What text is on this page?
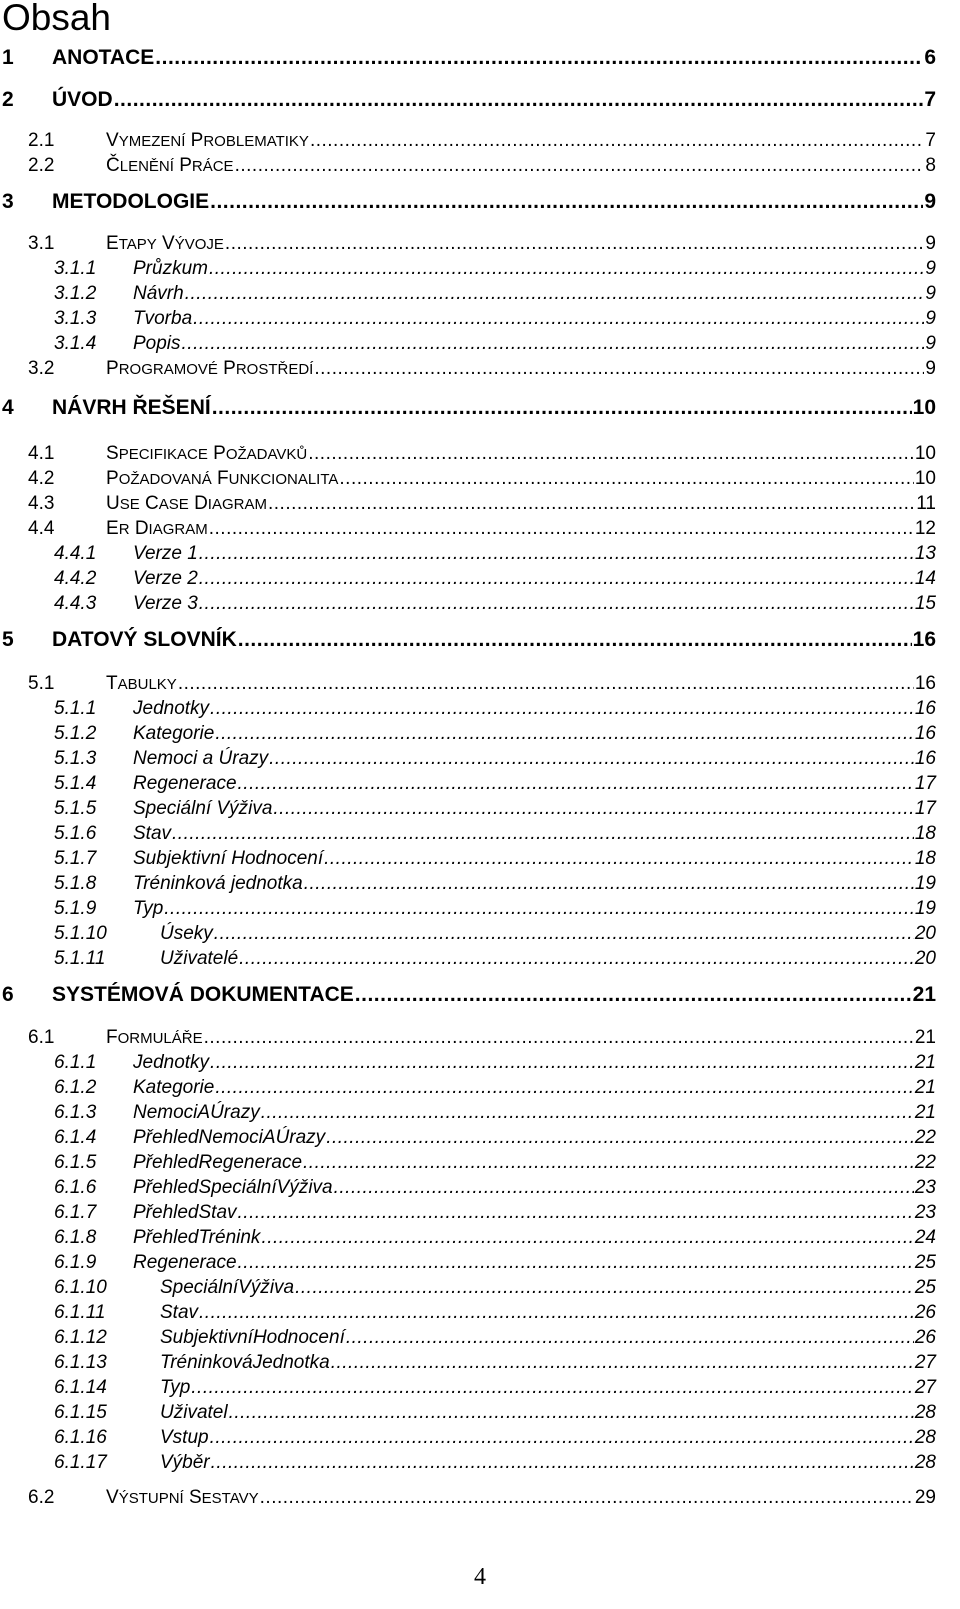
Obsah
1	ANOTACE .....	6
2	ÚVOD .....	7
2.1	VYMEZENÍ PROBLEMATIKY .....	7
2.2	ČLENĚNÍ PRÁCE .....	8
3	METODOLOGIE .....	9
3.1	ETAPY VÝVOJE .....	9
3.1.1	Průzkum .....	9
3.1.2	Návrh .....	9
3.1.3	Tvorba .....	9
3.1.4	Popis .....	9
3.2	PROGRAMOVÉ PROSTŘEDÍ .....	9
4	NÁVRH ŘEŠENÍ .....	10
4.1	SPECIFIKACE POŽADAVKŮ .....	10
4.2	POŽADOVANÁ FUNKCIONALITA .....	10
4.3	USE CASE DIAGRAM .....	11
4.4	ER DIAGRAM .....	12
4.4.1	Verze 1 .....	13
4.4.2	Verze 2 .....	14
4.4.3	Verze 3 .....	15
5	DATOVÝ SLOVNÍK .....	16
5.1	TABULKY .....	16
5.1.1	Jednotky .....	16
5.1.2	Kategorie .....	16
5.1.3	Nemoci a Úrazy .....	16
5.1.4	Regenerace .....	17
5.1.5	Speciální Výživa .....	17
5.1.6	Stav .....	18
5.1.7	Subjektivní Hodnocení .....	18
5.1.8	Tréninková jednotka .....	19
5.1.9	Typ .....	19
5.1.10	Úseky .....	20
5.1.11	Uživatelé .....	20
6	SYSTÉMOVÁ DOKUMENTACE .....	21
6.1	FORMULÁŘE .....	21
6.1.1	Jednotky .....	21
6.1.2	Kategorie .....	21
6.1.3	NemociAÚrazy .....	21
6.1.4	PřehledNemociAÚrazy .....	22
6.1.5	PřehledRegenerace .....	22
6.1.6	PřehledSpeciálníVýživa .....	23
6.1.7	PřehledStav .....	23
6.1.8	PřehledTrénink .....	24
6.1.9	Regenerace .....	25
6.1.10	SpeciálníVýživa .....	25
6.1.11	Stav .....	26
6.1.12	SubjektivníHodnocení .....	26
6.1.13	TréninkováJednotka .....	27
6.1.14	Typ .....	27
6.1.15	Uživatel .....	28
6.1.16	Vstup .....	28
6.1.17	Výběr .....	28
6.2	VÝSTUPNÍ SESTAVY .....	29
4
